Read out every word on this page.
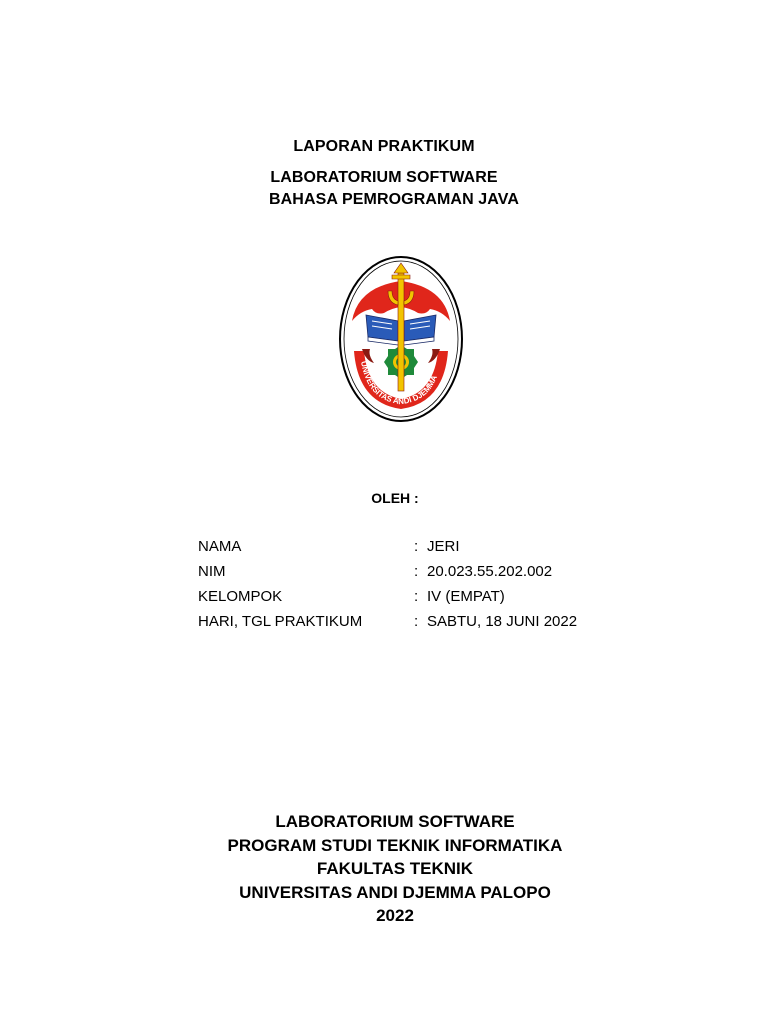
LAPORAN PRAKTIKUM
LABORATORIUM SOFTWARE
BAHASA PEMROGRAMAN JAVA
UNIVERSITAS ANDI DJEMMA
OLEH :
NAMA	: JERI
NIM	: 20.023.55.202.002
KELOMPOK	: IV (EMPAT)
HARI, TGL PRAKTIKUM	: SABTU, 18 JUNI 2022
LABORATORIUM SOFTWARE
PROGRAM STUDI TEKNIK INFORMATIKA
FAKULTAS TEKNIK
UNIVERSITAS ANDI DJEMMA PALOPO
2022
